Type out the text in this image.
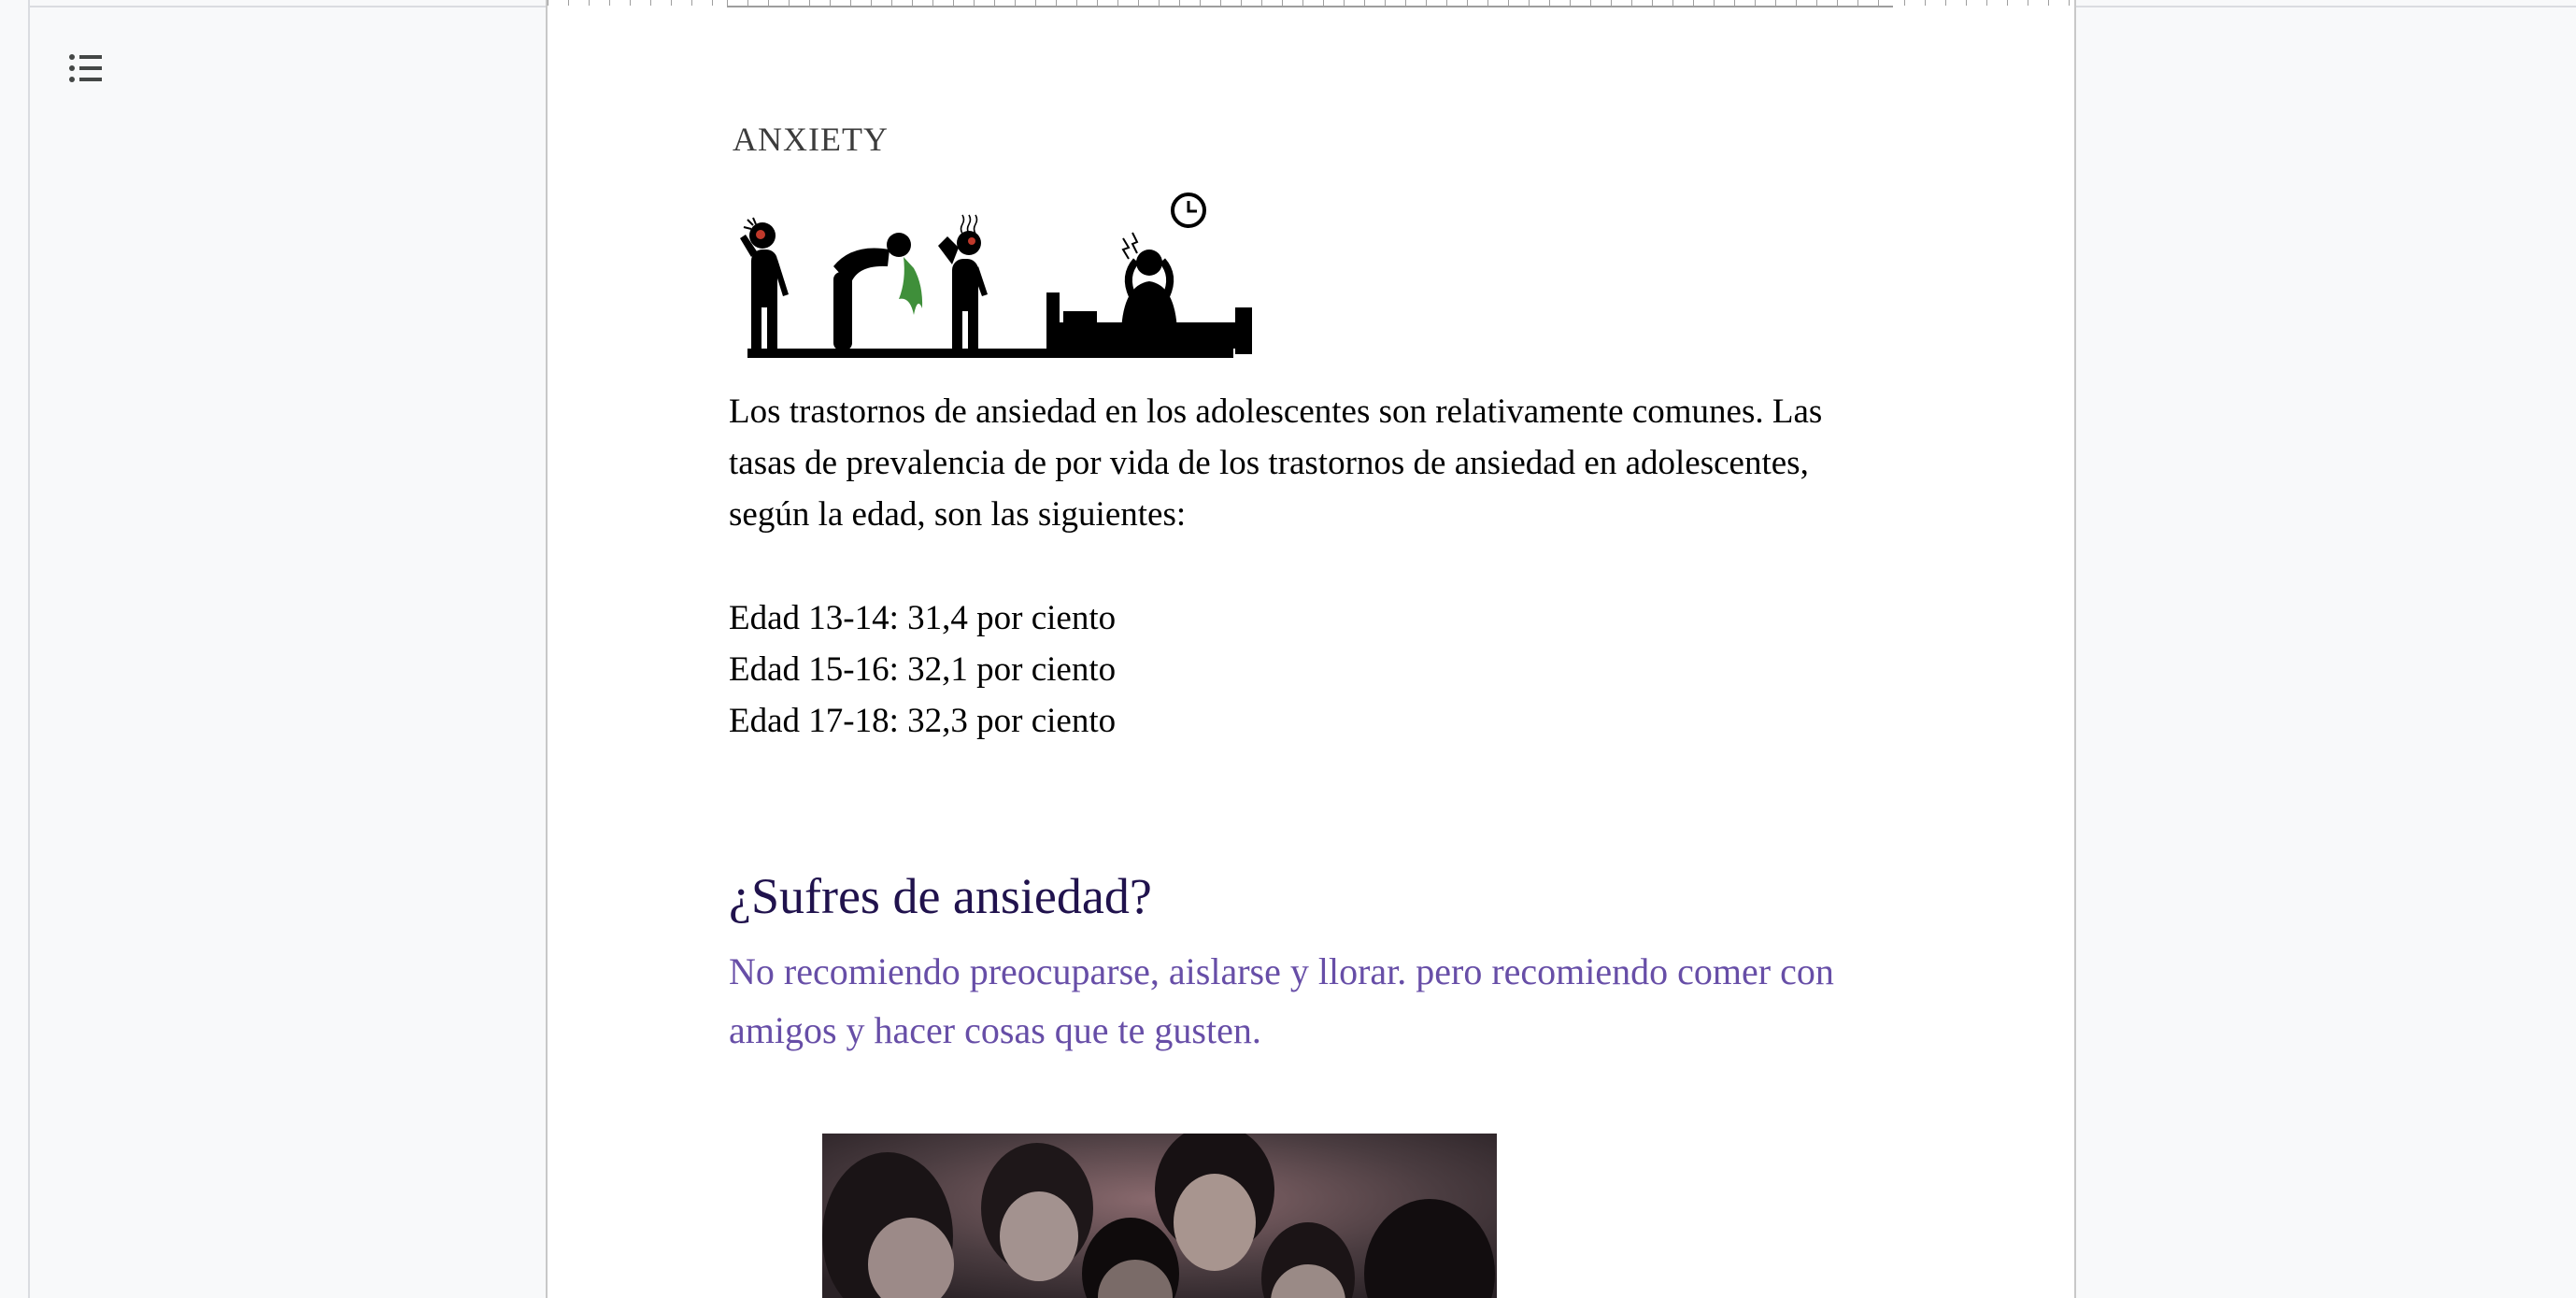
ANXIETY

Los trastornos de ansiedad en los adolescentes son relativamente comunes. Las tasas de prevalencia de por vida de los trastornos de ansiedad en adolescentes, según la edad, son las siguientes:

Edad 13-14: 31,4 por ciento
Edad 15-16: 32,1 por ciento
Edad 17-18: 32,3 por ciento
¿Sufres de ansiedad?
No recomiendo preocuparse, aislarse y llorar. pero recomiendo comer con amigos y hacer cosas que te gusten.
